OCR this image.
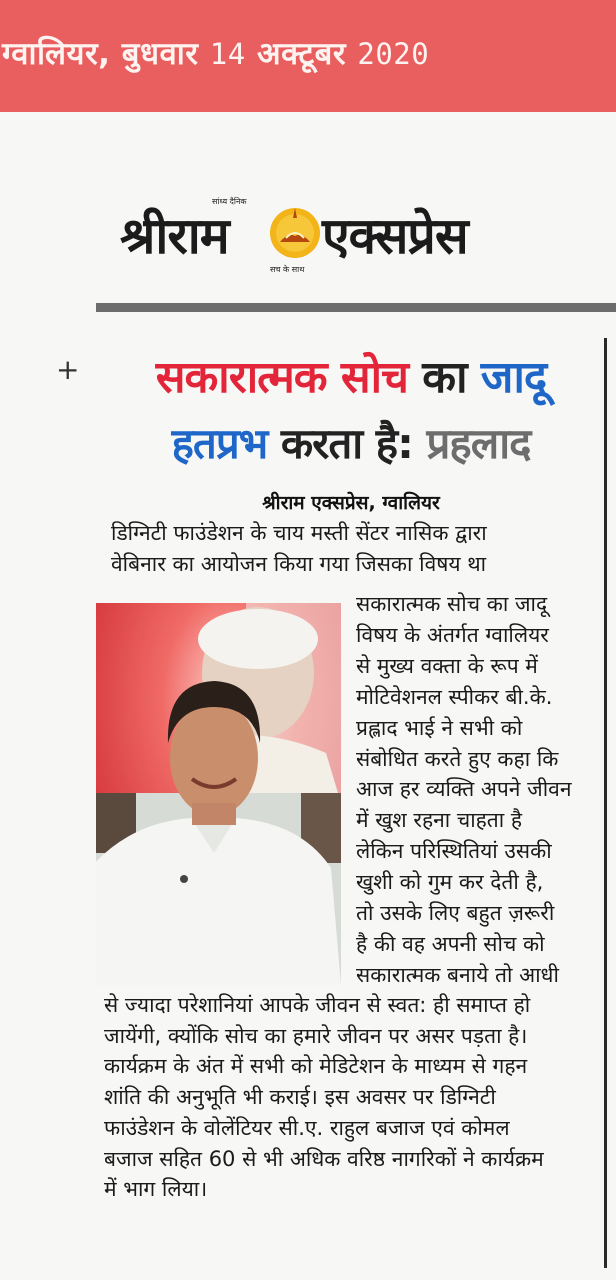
ग्वालियर, बुधवार 14 अक्टूबर 2020
श्रीराम
सांध्य दैनिक
एक्सप्रेस
सच के साथ
+	सकारात्मक सोच का जादू
हतप्रभ करता है: प्रहलाद
श्रीराम एक्सप्रेस, ग्वालियर
डिग्निटी फाउंडेशन के चाय मस्ती सेंटर नासिक द्वारा
वेबिनार का आयोजन किया गया जिसका विषय था
सकारात्मक सोच का जादू
विषय के अंतर्गत ग्वालियर
से मुख्य वक्ता के रूप में
मोटिवेशनल स्पीकर बी.के.
प्रह्लाद भाई ने सभी को
संबोधित करते हुए कहा कि
आज हर व्यक्ति अपने जीवन
में खुश रहना चाहता है
लेकिन परिस्थितियां उसकी
खुशी को गुम कर देती है,
तो उसके लिए बहुत ज़रूरी
है की वह अपनी सोच को
सकारात्मक बनाये तो आधी
से ज्यादा परेशानियां आपके जीवन से स्वत: ही समाप्त हो
जायेंगी, क्योंकि सोच का हमारे जीवन पर असर पड़ता है।
कार्यक्रम के अंत में सभी को मेडिटेशन के माध्यम से गहन
शांति की अनुभूति भी कराई। इस अवसर पर डिग्निटी
फाउंडेशन के वोलेंटियर सी.ए. राहुल बजाज एवं कोमल
बजाज सहित 60 से भी अधिक वरिष्ठ नागरिकों ने कार्यक्रम
में भाग लिया।
